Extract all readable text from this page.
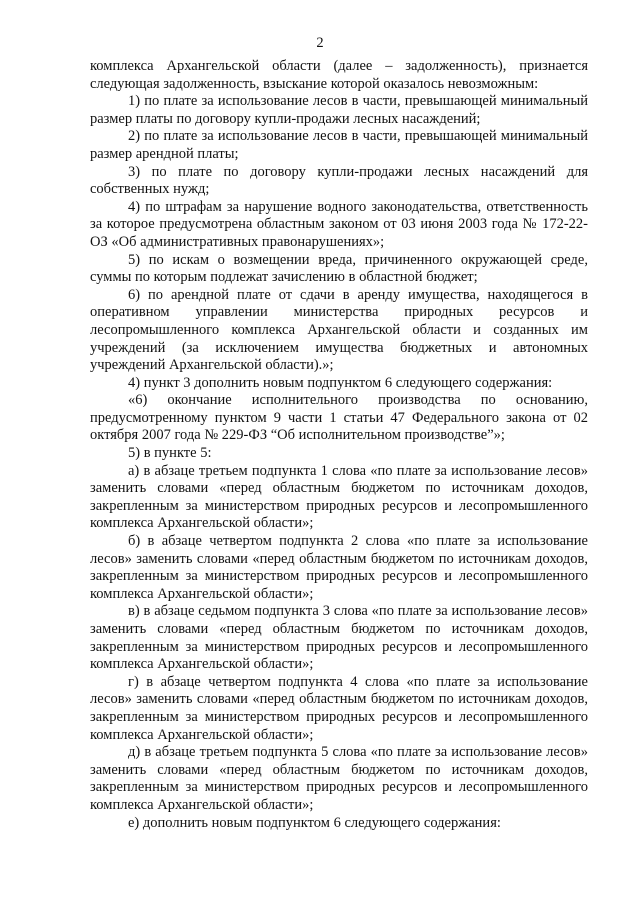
2

комплекса Архангельской области (далее – задолженность), признается следующая задолженность, взыскание которой оказалось невозможным:

1) по плате за использование лесов в части, превышающей минимальный размер платы по договору купли-продажи лесных насаждений;

2) по плате за использование лесов в части, превышающей минимальный размер арендной платы;

3) по плате по договору купли-продажи лесных насаждений для собственных нужд;

4) по штрафам за нарушение водного законодательства, ответственность за которое предусмотрена областным законом от 03 июня 2003 года № 172-22-ОЗ «Об административных правонарушениях»;

5) по искам о возмещении вреда, причиненного окружающей среде, суммы по которым подлежат зачислению в областной бюджет;

6) по арендной плате от сдачи в аренду имущества, находящегося в оперативном управлении министерства природных ресурсов и лесопромышленного комплекса Архангельской области и созданных им учреждений (за исключением имущества бюджетных и автономных учреждений Архангельской области).»;

4) пункт 3 дополнить новым подпунктом 6 следующего содержания:

«6) окончание исполнительного производства по основанию, предусмотренному пунктом 9 части 1 статьи 47 Федерального закона от 02 октября 2007 года № 229-ФЗ “Об исполнительном производстве”»;

5) в пункте 5:

а) в абзаце третьем подпункта 1 слова «по плате за использование лесов» заменить словами «перед областным бюджетом по источникам доходов, закрепленным за министерством природных ресурсов и лесопромышленного комплекса Архангельской области»;

б) в абзаце четвертом подпункта 2 слова «по плате за использование лесов» заменить словами «перед областным бюджетом по источникам доходов, закрепленным за министерством природных ресурсов и лесопромышленного комплекса Архангельской области»;

в) в абзаце седьмом подпункта 3 слова «по плате за использование лесов» заменить словами «перед областным бюджетом по источникам доходов, закрепленным за министерством природных ресурсов и лесопромышленного комплекса Архангельской области»;

г) в абзаце четвертом подпункта 4 слова «по плате за использование лесов» заменить словами «перед областным бюджетом по источникам доходов, закрепленным за министерством природных ресурсов и лесопромышленного комплекса Архангельской области»;

д) в абзаце третьем подпункта 5 слова «по плате за использование лесов» заменить словами «перед областным бюджетом по источникам доходов, закрепленным за министерством природных ресурсов и лесопромышленного комплекса Архангельской области»;

е) дополнить новым подпунктом 6 следующего содержания:
